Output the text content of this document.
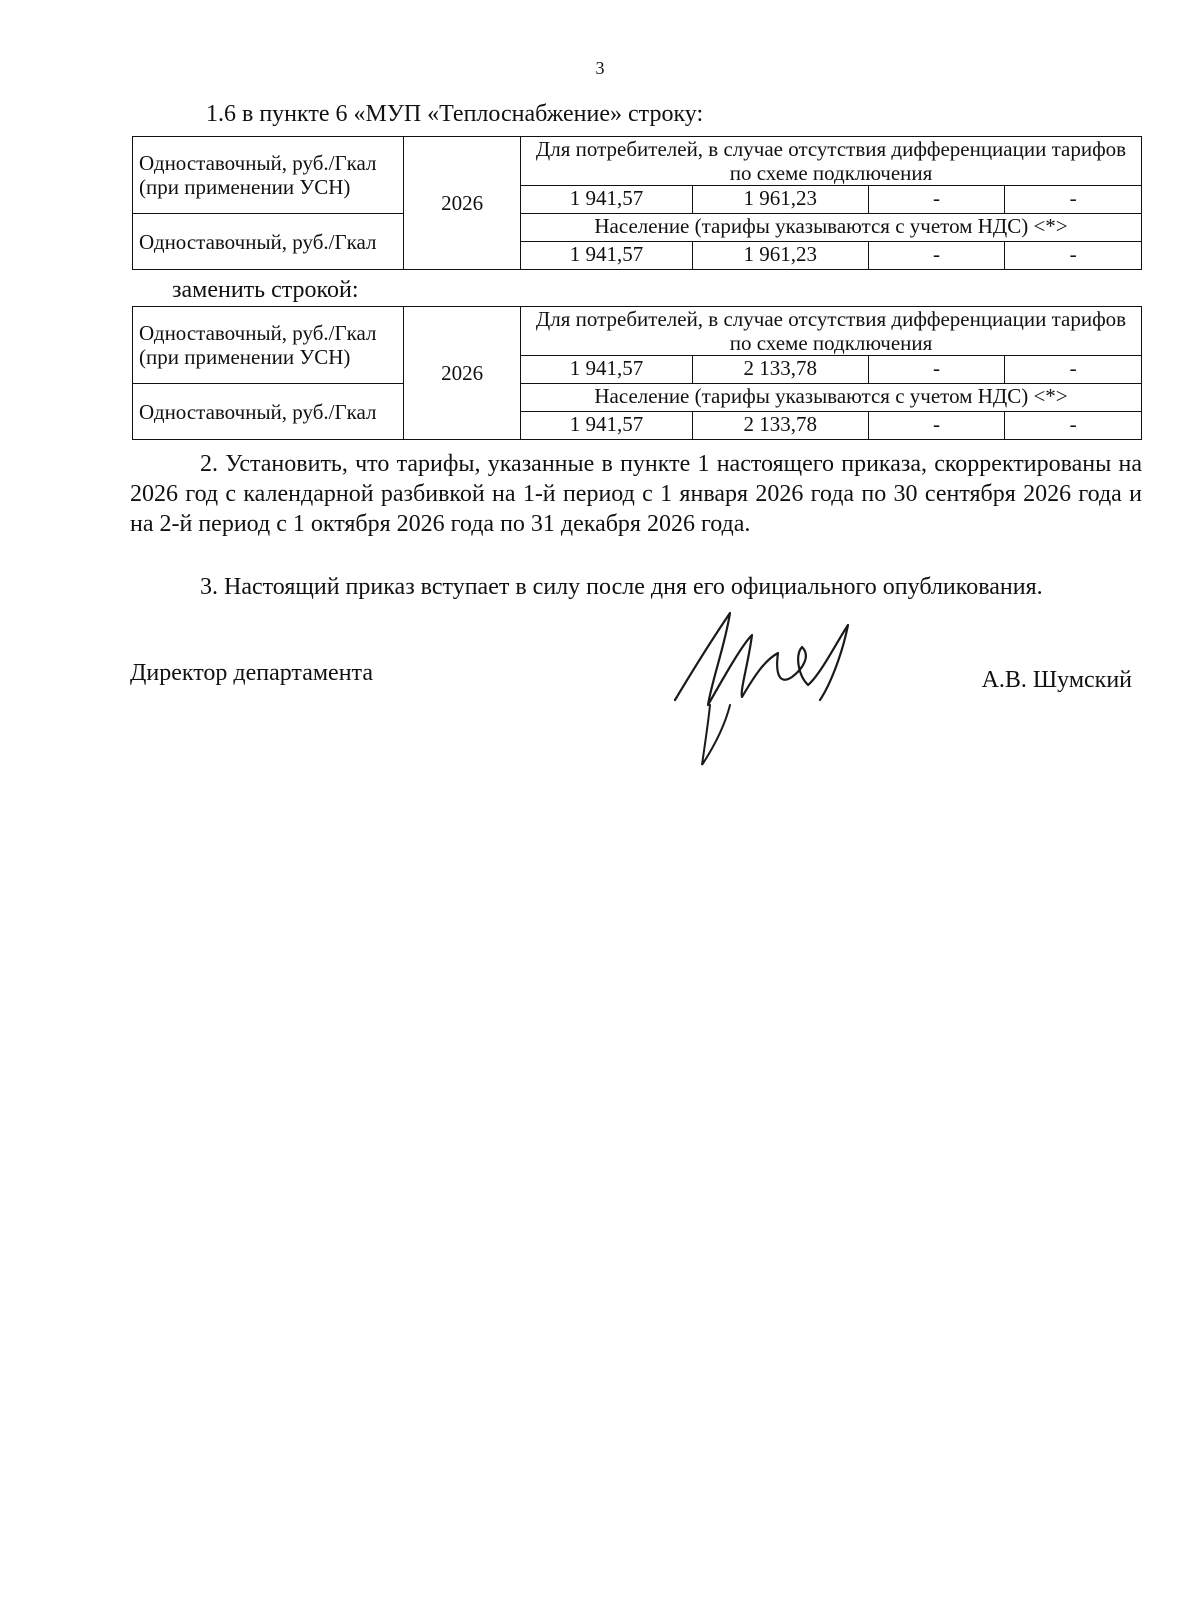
3
1.6 в пункте 6 «МУП «Теплоснабжение» строку:
Одноставочный, руб./Гкал (при применении УСН)	2026	Для потребителей, в случае отсутствия дифференциации тарифов по схеме подключения			

		1 941,57	1 961,23	-	-
Одноставочный, руб./Гкал		Население (тарифы указываются с учетом НДС) <*>			
		1 941,57	1 961,23	-	-
заменить строкой:
Одноставочный, руб./Гкал (при применении УСН)	2026	Для потребителей, в случае отсутствия дифференциации тарифов по схеме подключения			

		1 941,57	2 133,78	-	-
Одноставочный, руб./Гкал		Население (тарифы указываются с учетом НДС) <*>			
		1 941,57	2 133,78	-	-
2. Установить, что тарифы, указанные в пункте 1 настоящего приказа, скорректированы на 2026 год с календарной разбивкой на 1-й период с 1 января 2026 года по 30 сентября 2026 года и на 2-й период с 1 октября 2026 года по 31 декабря 2026 года.
3. Настоящий приказ вступает в силу после дня его официального опубликования.
Директор департамента	А.В. Шумский
